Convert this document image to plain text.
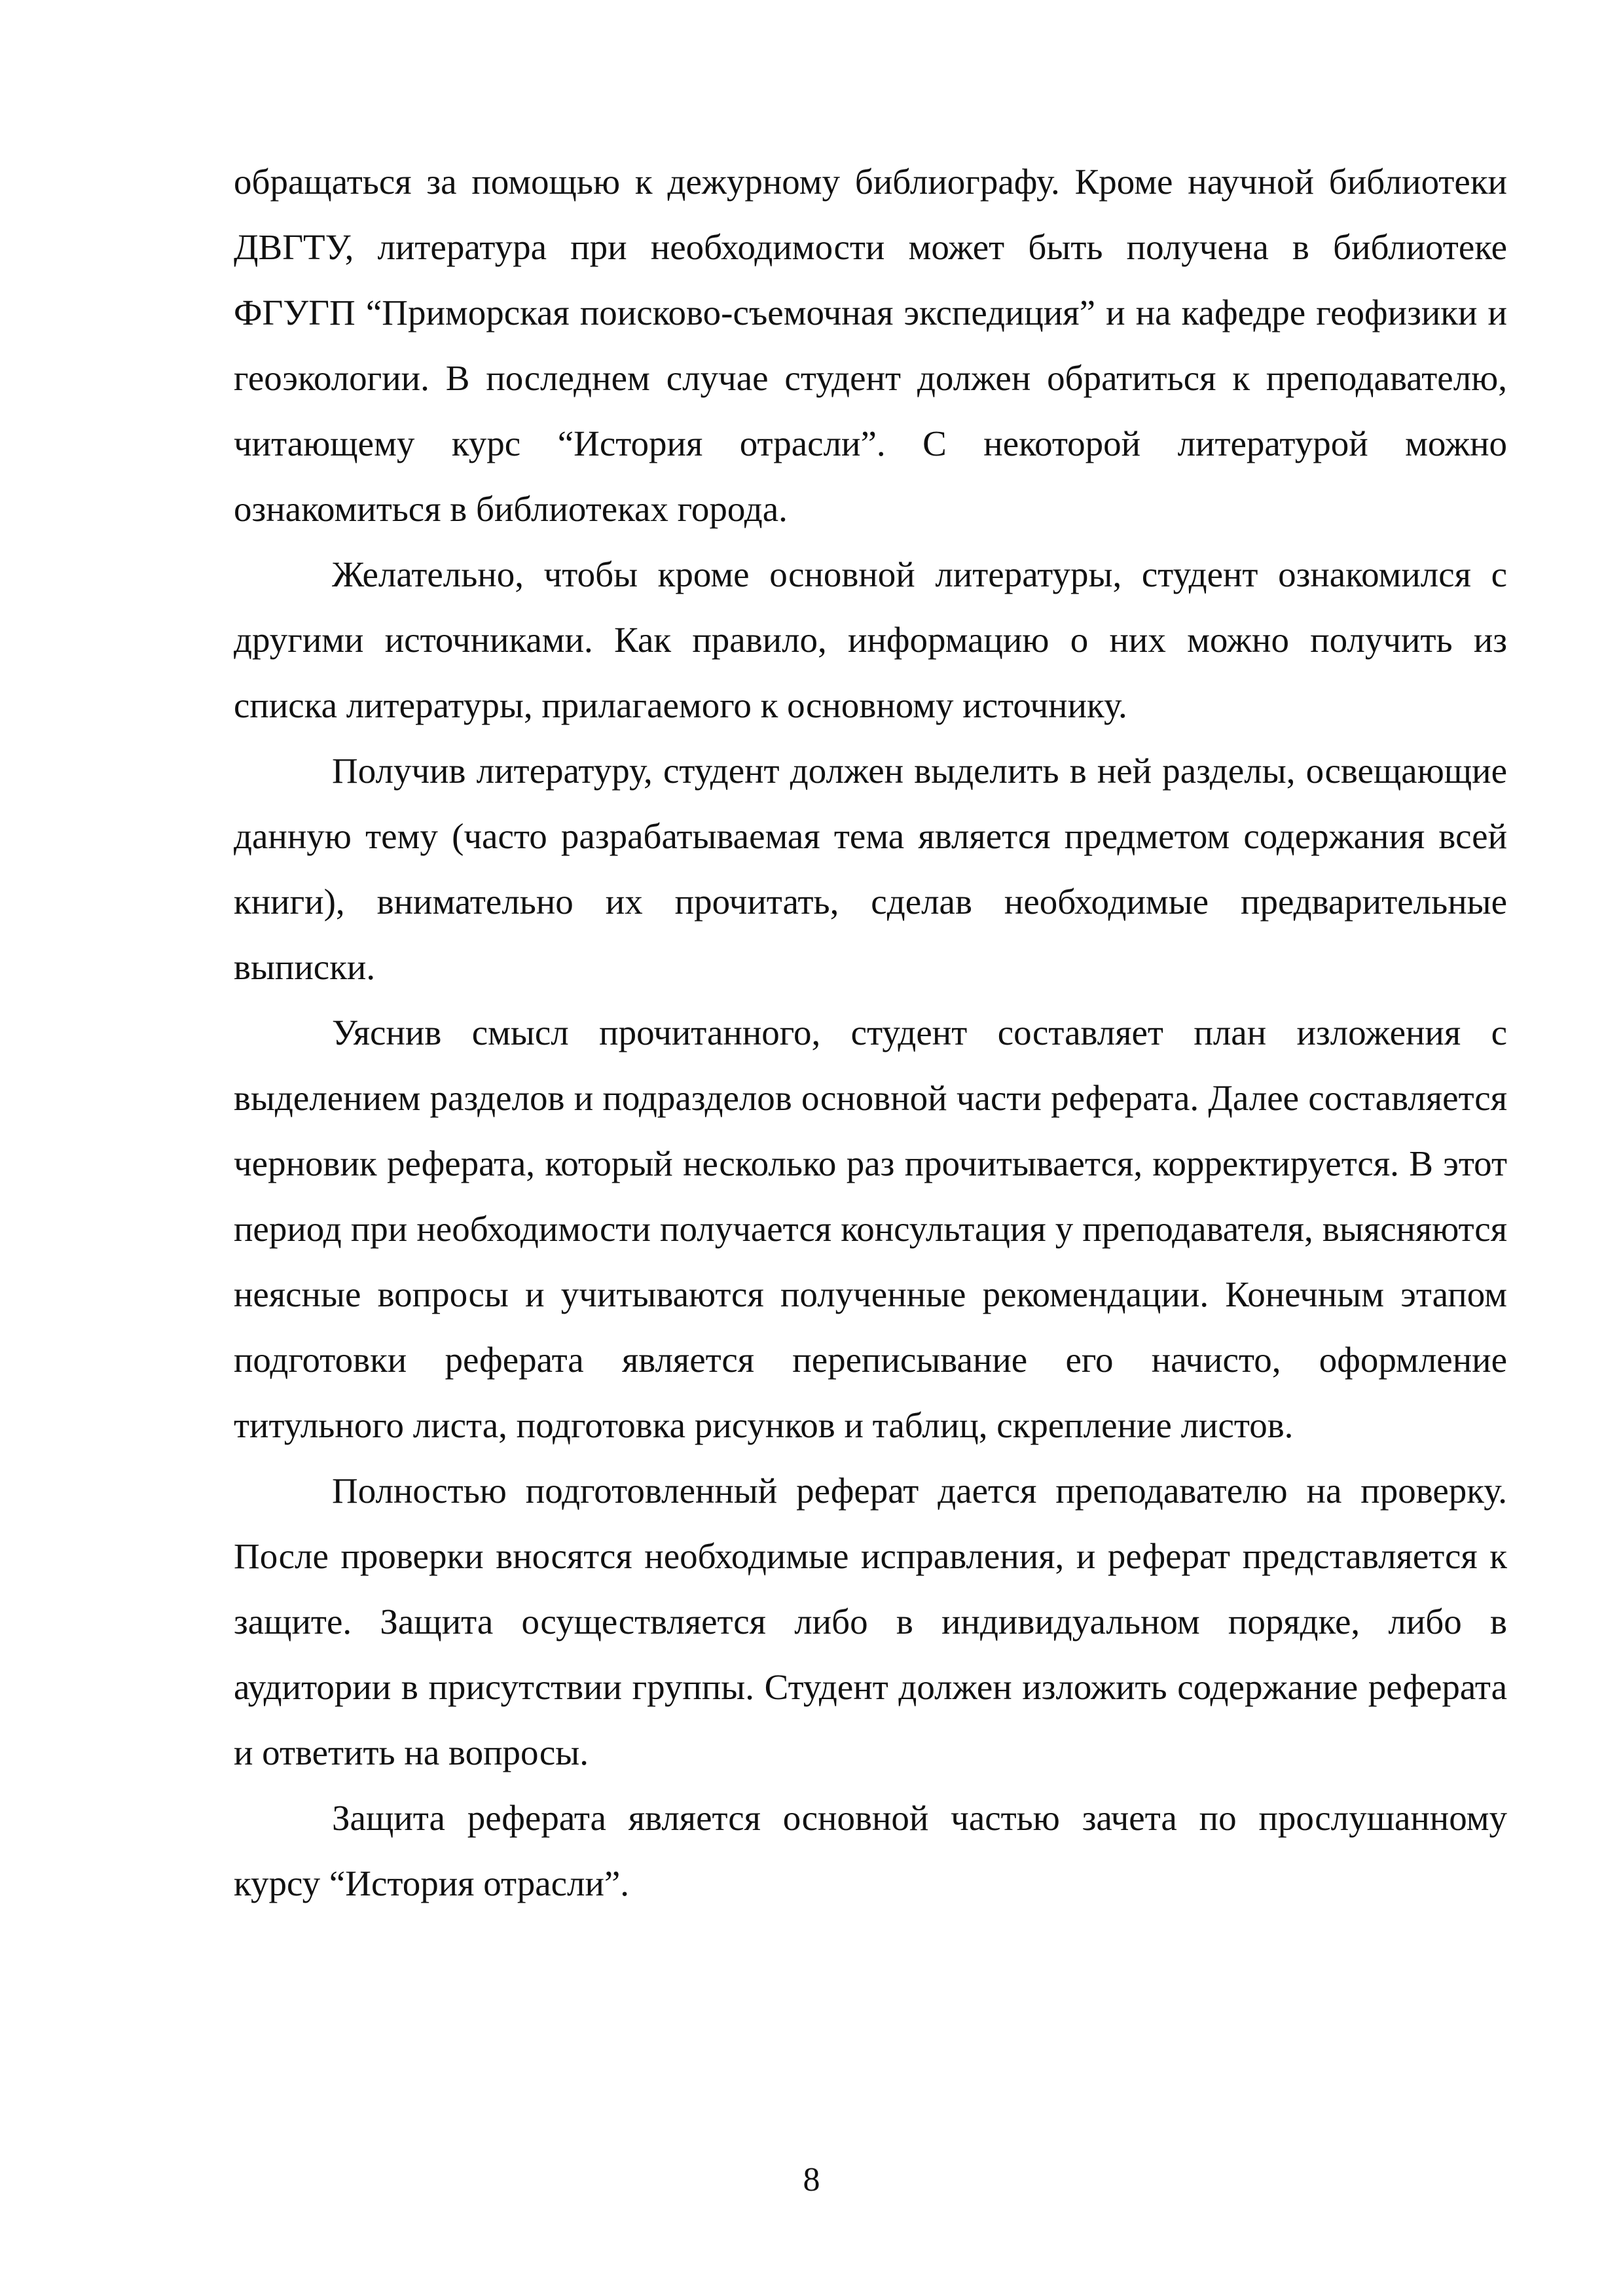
обращаться за помощью к дежурному библиографу. Кроме научной библиотеки ДВГТУ, литература при необходимости может быть получена в библиотеке ФГУГП “Приморская поисково-съемочная экспедиция” и на кафедре геофизики и геоэкологии. В последнем случае студент должен обратиться к преподавателю, читающему курс “История отрасли”. С некоторой литературой можно ознакомиться в библиотеках города.

Желательно, чтобы кроме основной литературы, студент ознакомился с другими источниками. Как правило, информацию о них можно получить из списка литературы, прилагаемого к основному источнику.

Получив литературу, студент должен выделить в ней разделы, освещающие данную тему (часто разрабатываемая тема является предметом содержания всей книги), внимательно их прочитать, сделав необходимые предварительные выписки.

Уяснив смысл прочитанного, студент составляет план изложения с выделением разделов и подразделов основной части реферата. Далее составляется черновик реферата, который несколько раз прочитывается, корректируется. В этот период при необходимости получается консультация у преподавателя, выясняются неясные вопросы и учитываются полученные рекомендации. Конечным этапом подготовки реферата является переписывание его начисто, оформление титульного листа, подготовка рисунков и таблиц, скрепление листов.

Полностью подготовленный реферат дается преподавателю на проверку. После проверки вносятся необходимые исправления, и реферат представляется к защите. Защита осуществляется либо в индивидуальном порядке, либо в аудитории в присутствии группы. Студент должен изложить содержание реферата и ответить на вопросы.

Защита реферата является основной частью зачета по прослушанному курсу “История отрасли”.

8
